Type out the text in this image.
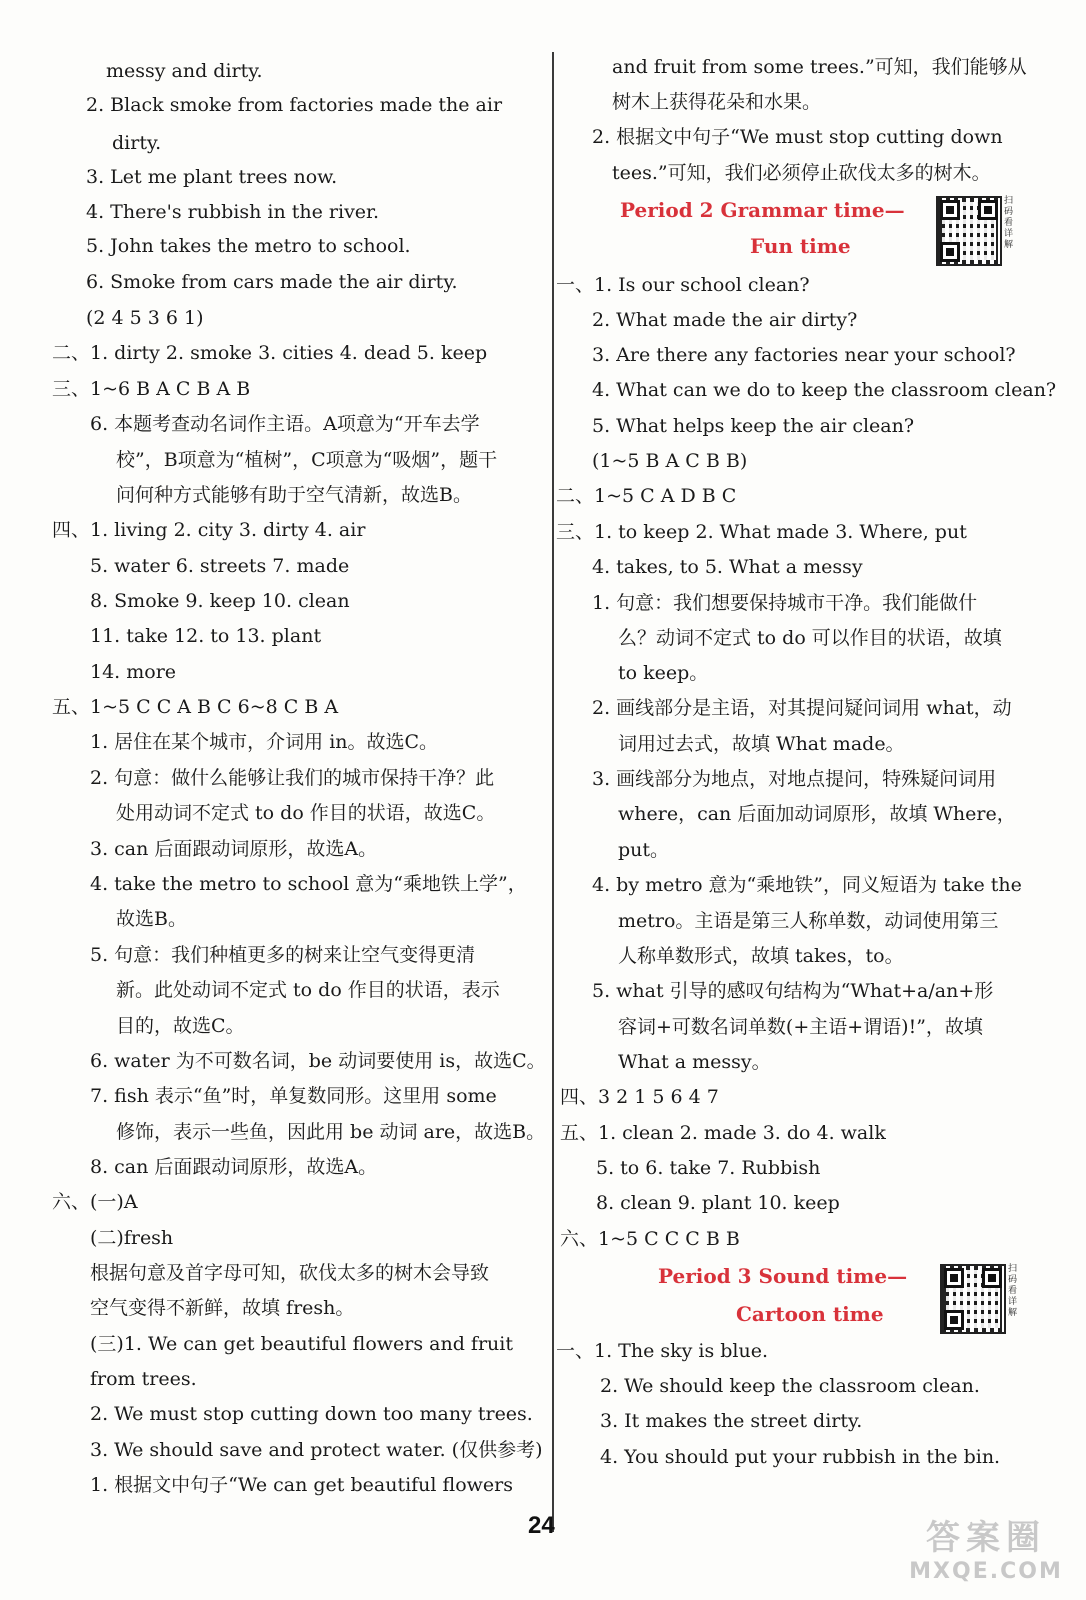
messy and dirty.
2. Black smoke from factories made the air
dirty.
3. Let me plant trees now.
4. There's rubbish in the river.
5. John takes the metro to school.
6. Smoke from cars made the air dirty.
(2 4 5 3 6 1)
二、1. dirty 2. smoke 3. cities 4. dead 5. keep
三、1~6 B A C B A B
6. 本题考查动名词作主语。A项意为“开车去学
校”，B项意为“植树”，C项意为“吸烟”，题干
问何种方式能够有助于空气清新，故选B。
四、1. living 2. city 3. dirty 4. air
5. water 6. streets 7. made
8. Smoke 9. keep 10. clean
11. take 12. to 13. plant
14. more
五、1~5 C C A B C 6~8 C B A
1. 居住在某个城市，介词用 in。故选C。
2. 句意：做什么能够让我们的城市保持干净？此
处用动词不定式 to do 作目的状语，故选C。
3. can 后面跟动词原形，故选A。
4. take the metro to school 意为“乘地铁上学”，
故选B。
5. 句意：我们种植更多的树来让空气变得更清
新。此处动词不定式 to do 作目的状语，表示
目的，故选C。
6. water 为不可数名词，be 动词要使用 is，故选C。
7. fish 表示“鱼”时，单复数同形。这里用 some
修饰，表示一些鱼，因此用 be 动词 are，故选B。
8. can 后面跟动词原形，故选A。
六、(一)A
(二)fresh
根据句意及首字母可知，砍伐太多的树木会导致
空气变得不新鲜，故填 fresh。
(三)1. We can get beautiful flowers and fruit
from trees.
2. We must stop cutting down too many trees.
3. We should save and protect water. (仅供参考)
1. 根据文中句子“We can get beautiful flowers
and fruit from some trees.”可知，我们能够从
树木上获得花朵和水果。
2. 根据文中句子“We must stop cutting down
tees.”可知，我们必须停止砍伐太多的树木。
Period 2 Grammar time—
Fun time
扫码看详解
一、1. Is our school clean?
2. What made the air dirty?
3. Are there any factories near your school?
4. What can we do to keep the classroom clean?
5. What helps keep the air clean?
(1~5 B A C B B)
二、1~5 C A D B C
三、1. to keep 2. What made 3. Where, put
4. takes, to 5. What a messy
1. 句意：我们想要保持城市干净。我们能做什
么？动词不定式 to do 可以作目的状语，故填
to keep。
2. 画线部分是主语，对其提问疑问词用 what，动
词用过去式，故填 What made。
3. 画线部分为地点，对地点提问，特殊疑问词用
where，can 后面加动词原形，故填 Where，
put。
4. by metro 意为“乘地铁”，同义短语为 take the
metro。主语是第三人称单数，动词使用第三
人称单数形式，故填 takes，to。
5. what 引导的感叹句结构为“What+a/an+形
容词+可数名词单数(+主语+谓语)!”，故填
What a messy。
四、3 2 1 5 6 4 7
五、1. clean 2. made 3. do 4. walk
5. to 6. take 7. Rubbish
8. clean 9. plant 10. keep
六、1~5 C C C B B
Period 3 Sound time—
Cartoon time
扫码看详解
一、1. The sky is blue.
2. We should keep the classroom clean.
3. It makes the street dirty.
4. You should put your rubbish in the bin.
24	答案圈
MXQE.COM
